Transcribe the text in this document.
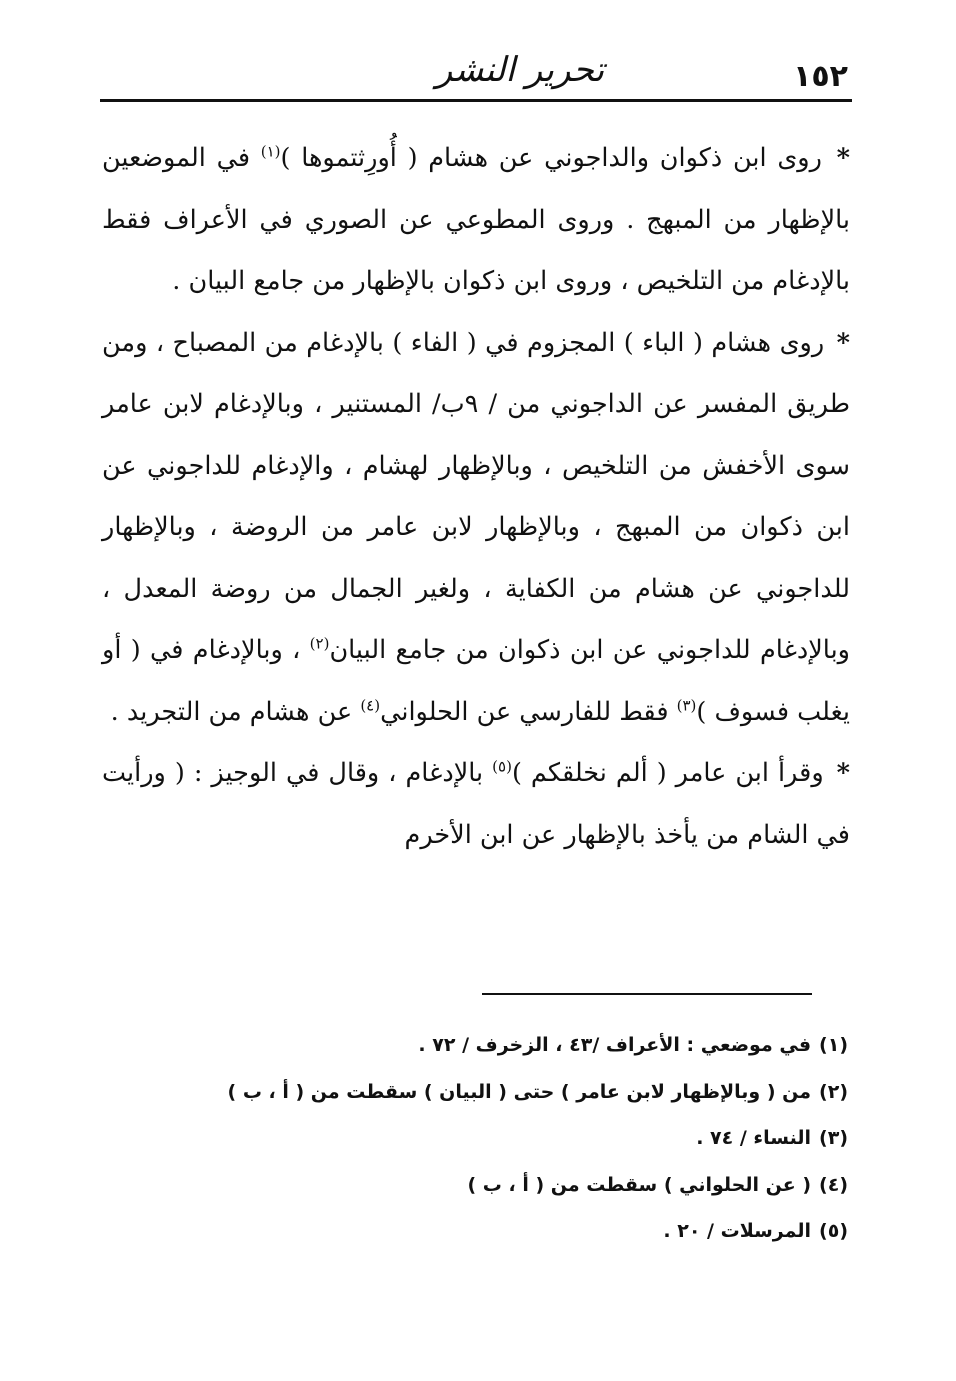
تحرير النشر	١٥٢

* روى ابن ذكوان والداجوني عن هشام ( أُورِثتموها )$^{(١)}$ في الموضعين بالإظهار من المبهج . وروى المطوعي عن الصوري في الأعراف فقط بالإدغام من التلخيص ، وروى ابن ذكوان بالإظهار من جامع البيان .

* روى هشام ( الباء ) المجزوم في ( الفاء ) بالإدغام من المصباح ، ومن طريق المفسر عن الداجوني من / ٩ب/ المستنير ، وبالإدغام لابن عامر سوى الأخفش من التلخيص ، وبالإظهار لهشام ، والإدغام للداجوني عن ابن ذكوان من المبهج ، وبالإظهار لابن عامر من الروضة ، وبالإظهار للداجوني عن هشام من الكفاية ، ولغير الجمال من روضة المعدل ، وبالإدغام للداجوني عن ابن ذكوان من جامع البيان$^{(٢)}$ ، وبالإدغام في ( أو يغلب فسوف )$^{(٣)}$ فقط للفارسي عن الحلواني$^{(٤)}$ عن هشام من التجريد .

* وقرأ ابن عامر ( ألم نخلقكم )$^{(٥)}$ بالإدغام ، وقال في الوجيز : ( ورأيت في الشام من يأخذ بالإظهار عن ابن الأخرم

(١)في موضعي : الأعراف /٤٣ ، الزخرف / ٧٢ .
(٢)من ( وبالإظهار لابن عامر ) حتى ( البيان ) سقطت من ( أ ، ب )
(٣)النساء / ٧٤ .
(٤)( عن الحلواني ) سقطت من ( أ ، ب )
(٥)المرسلات / ٢٠ .
